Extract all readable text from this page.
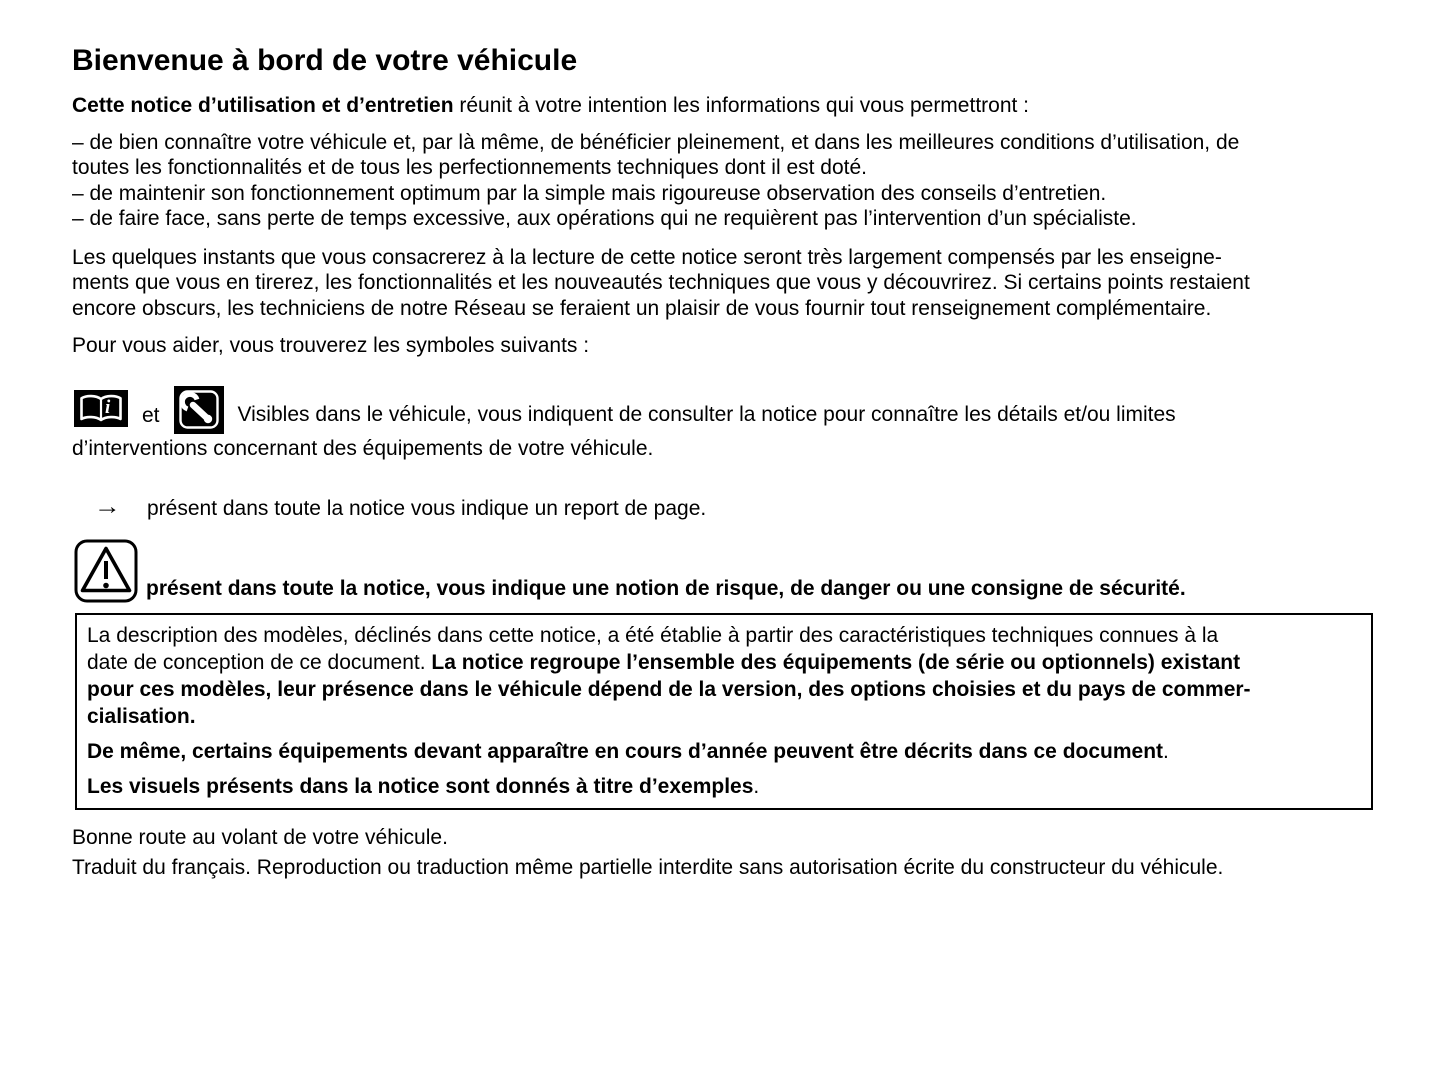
Bienvenue à bord de votre véhicule

Cette notice d’utilisation et d’entretien réunit à votre intention les informations qui vous permettront :

– de bien connaître votre véhicule et, par là même, de bénéficier pleinement, et dans les meilleures conditions d’utilisation, de
toutes les fonctionnalités et de tous les perfectionnements techniques dont il est doté.
– de maintenir son fonctionnement optimum par la simple mais rigoureuse observation des conseils d’entretien.
– de faire face, sans perte de temps excessive, aux opérations qui ne requièrent pas l’intervention d’un spécialiste.
Les quelques instants que vous consacrerez à la lecture de cette notice seront très largement compensés par les enseigne-
ments que vous en tirerez, les fonctionnalités et les nouveautés techniques que vous y découvrirez. Si certains points restaient
encore obscurs, les techniciens de notre Réseau se feraient un plaisir de vous fournir tout renseignement complémentaire.

Pour vous aider, vous trouverez les symboles suivants :

i et	Visibles dans le véhicule, vous indiquent de consulter la notice pour connaître les détails et/ou limites
d’interventions concernant des équipements de votre véhicule.
→ présent dans toute la notice vous indique un report de page.
présent dans toute la notice, vous indique une notion de risque, de danger ou une consigne de sécurité.
La description des modèles, déclinés dans cette notice, a été établie à partir des caractéristiques techniques connues à la
date de conception de ce document. La notice regroupe l’ensemble des équipements (de série ou optionnels) existant
pour ces modèles, leur présence dans le véhicule dépend de la version, des options choisies et du pays de commer-
cialisation.
De même, certains équipements devant apparaître en cours d’année peuvent être décrits dans ce document.
Les visuels présents dans la notice sont donnés à titre d’exemples.

Bonne route au volant de votre véhicule.

Traduit du français. Reproduction ou traduction même partielle interdite sans autorisation écrite du constructeur du véhicule.
